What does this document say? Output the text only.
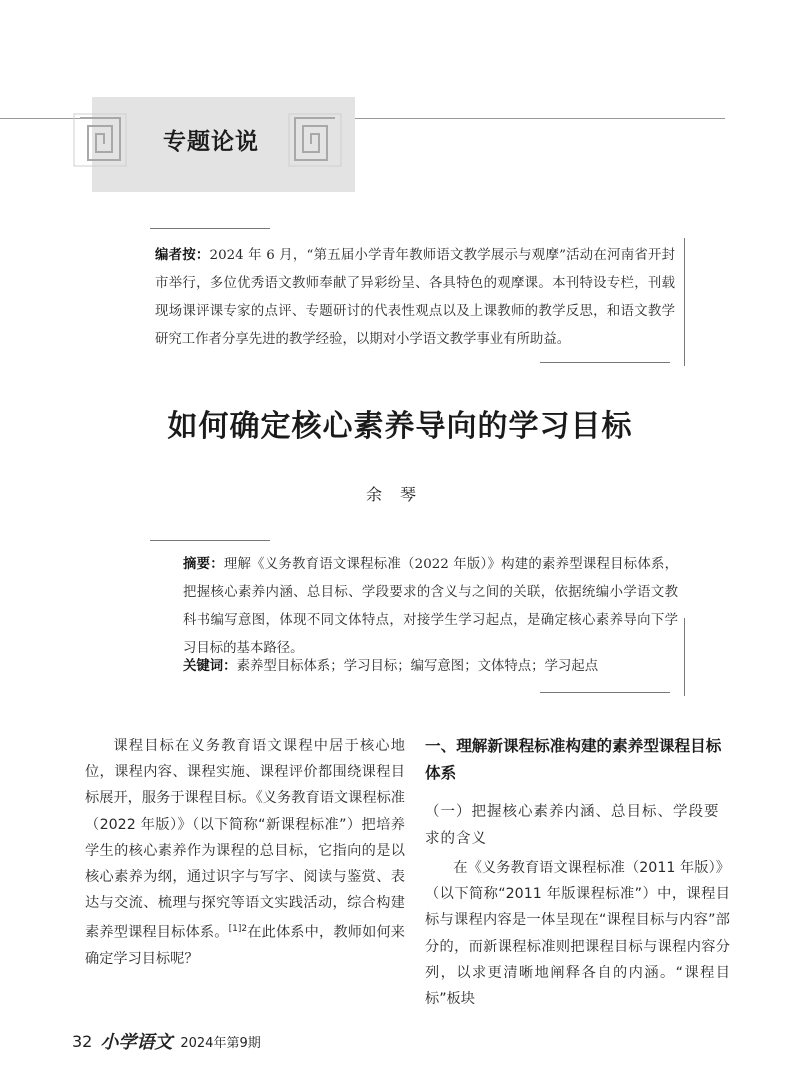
专题论说
编者按：2024 年 6 月，“第五届小学青年教师语文教学展示与观摩”活动在河南省开封市举行，多位优秀语文教师奉献了异彩纷呈、各具特色的观摩课。本刊特设专栏，刊载现场课评课专家的点评、专题研讨的代表性观点以及上课教师的教学反思，和语文教学研究工作者分享先进的教学经验，以期对小学语文教学事业有所助益。
如何确定核心素养导向的学习目标
余琴
摘要：理解《义务教育语文课程标准（2022 年版）》构建的素养型课程目标体系，把握核心素养内涵、总目标、学段要求的含义与之间的关联，依据统编小学语文教科书编写意图，体现不同文体特点，对接学生学习起点，是确定核心素养导向下学习目标的基本路径。
关键词：素养型目标体系；学习目标；编写意图；文体特点；学习起点

课程目标在义务教育语文课程中居于核心地位，课程内容、课程实施、课程评价都围绕课程目标展开，服务于课程目标。《义务教育语文课程标准（2022 年版）》（以下简称“新课程标准”）把培养学生的核心素养作为课程的总目标，它指向的是以核心素养为纲，通过识字与写字、阅读与鉴赏、表达与交流、梳理与探究等语文实践活动，综合构建素养型课程目标体系。$^{[1]2}$在此体系中，教师如何来确定学习目标呢？

一、理解新课程标准构建的素养型课程目标体系
（一）把握核心素养内涵、总目标、学段要求的含义

在《义务教育语文课程标准（2011 年版）》（以下简称“2011 年版课程标准”）中，课程目标与课程内容是一体呈现在“课程目标与内容”部分的，而新课程标准则把课程目标与课程内容分列，以求更清晰地阐释各自的内涵。“课程目标”板块

32 小学语文 2024年第9期
